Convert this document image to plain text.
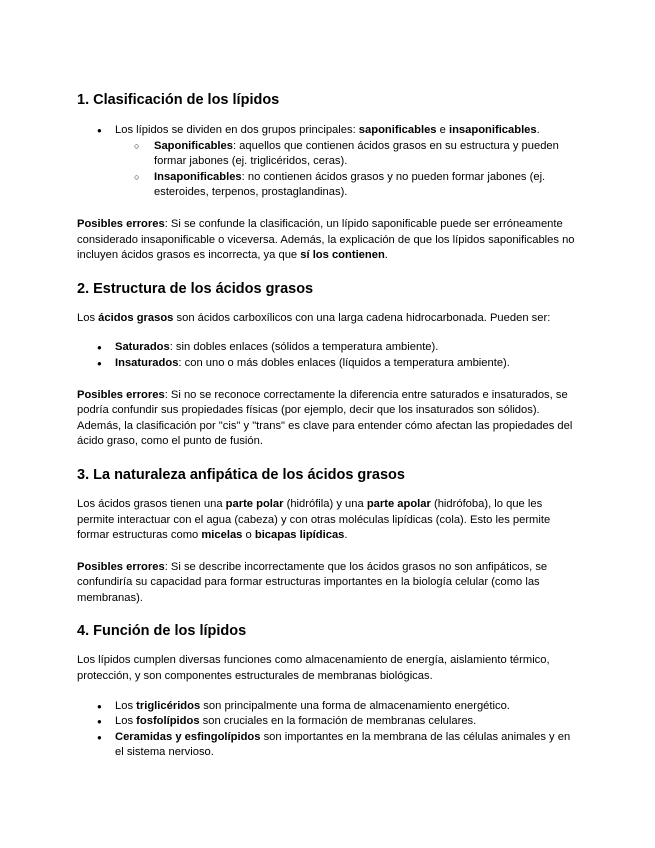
1. Clasificación de los lípidos
● Los lípidos se dividen en dos grupos principales: saponificables e insaponificables.
○ Saponificables: aquellos que contienen ácidos grasos en su estructura y pueden formar jabones (ej. triglicéridos, ceras).
○ Insaponificables: no contienen ácidos grasos y no pueden formar jabones (ej. esteroides, terpenos, prostaglandinas).

Posibles errores: Si se confunde la clasificación, un lípido saponificable puede ser erróneamente considerado insaponificable o viceversa. Además, la explicación de que los lípidos saponificables no incluyen ácidos grasos es incorrecta, ya que sí los contienen.

2. Estructura de los ácidos grasos

Los ácidos grasos son ácidos carboxílicos con una larga cadena hidrocarbonada. Pueden ser:

● Saturados: sin dobles enlaces (sólidos a temperatura ambiente).
● Insaturados: con uno o más dobles enlaces (líquidos a temperatura ambiente).

Posibles errores: Si no se reconoce correctamente la diferencia entre saturados e insaturados, se podría confundir sus propiedades físicas (por ejemplo, decir que los insaturados son sólidos). Además, la clasificación por "cis" y "trans" es clave para entender cómo afectan las propiedades del ácido graso, como el punto de fusión.

3. La naturaleza anfipática de los ácidos grasos

Los ácidos grasos tienen una parte polar (hidrófila) y una parte apolar (hidrófoba), lo que les permite interactuar con el agua (cabeza) y con otras moléculas lipídicas (cola). Esto les permite formar estructuras como micelas o bicapas lipídicas.

Posibles errores: Si se describe incorrectamente que los ácidos grasos no son anfipáticos, se confundiría su capacidad para formar estructuras importantes en la biología celular (como las membranas).

4. Función de los lípidos

Los lípidos cumplen diversas funciones como almacenamiento de energía, aislamiento térmico, protección, y son componentes estructurales de membranas biológicas.

● Los triglicéridos son principalmente una forma de almacenamiento energético.
● Los fosfolípidos son cruciales en la formación de membranas celulares.
● Ceramidas y esfingolípidos son importantes en la membrana de las células animales y en el sistema nervioso.
